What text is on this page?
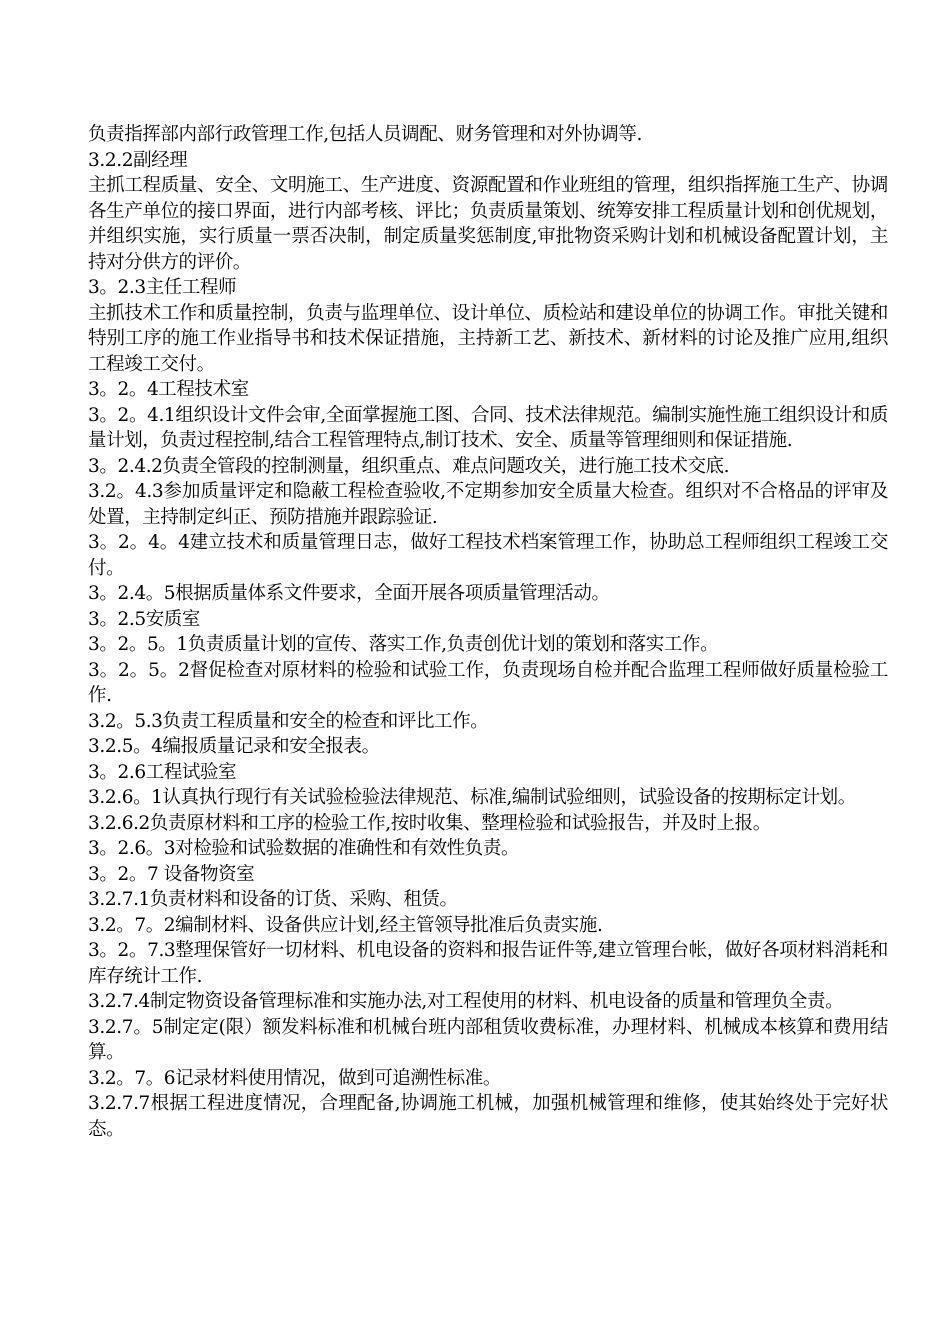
负责指挥部内部行政管理工作,包括人员调配、财务管理和对外协调等.

3.2.2副经理

主抓工程质量、安全、文明施工、生产进度、资源配置和作业班组的管理，组织指挥施工生产、协调各生产单位的接口界面，进行内部考核、评比；负责质量策划、统筹安排工程质量计划和创优规划，并组织实施，实行质量一票否决制，制定质量奖惩制度,审批物资采购计划和机械设备配置计划，主持对分供方的评价。

3。2.3主任工程师

主抓技术工作和质量控制，负责与监理单位、设计单位、质检站和建设单位的协调工作。审批关键和特别工序的施工作业指导书和技术保证措施，主持新工艺、新技术、新材料的讨论及推广应用,组织工程竣工交付。

3。2。4工程技术室

3。2。4.1组织设计文件会审,全面掌握施工图、合同、技术法律规范。编制实施性施工组织设计和质量计划，负责过程控制,结合工程管理特点,制订技术、安全、质量等管理细则和保证措施.

3。2.4.2负责全管段的控制测量，组织重点、难点问题攻关，进行施工技术交底.

3.2。4.3参加质量评定和隐蔽工程检查验收,不定期参加安全质量大检查。组织对不合格品的评审及处置，主持制定纠正、预防措施并跟踪验证.

3。2。4。4建立技术和质量管理日志，做好工程技术档案管理工作，协助总工程师组织工程竣工交付。

3。2.4。5根据质量体系文件要求，全面开展各项质量管理活动。

3。2.5安质室

3。2。5。1负责质量计划的宣传、落实工作,负责创优计划的策划和落实工作。

3。2。5。2督促检查对原材料的检验和试验工作，负责现场自检并配合监理工程师做好质量检验工作.

3.2。5.3负责工程质量和安全的检查和评比工作。

3.2.5。4编报质量记录和安全报表。

3。2.6工程试验室

3.2.6。1认真执行现行有关试验检验法律规范、标准,编制试验细则，试验设备的按期标定计划。

3.2.6.2负责原材料和工序的检验工作,按时收集、整理检验和试验报告，并及时上报。

3。2.6。3对检验和试验数据的准确性和有效性负责。

3。2。7 设备物资室

3.2.7.1负责材料和设备的订货、采购、租赁。

3.2。7。2编制材料、设备供应计划,经主管领导批准后负责实施.

3。2。7.3整理保管好一切材料、机电设备的资料和报告证件等,建立管理台帐，做好各项材料消耗和库存统计工作.

3.2.7.4制定物资设备管理标准和实施办法,对工程使用的材料、机电设备的质量和管理负全责。

3.2.7。5制定定(限）额发料标准和机械台班内部租赁收费标准，办理材料、机械成本核算和费用结算。

3.2。7。6记录材料使用情况，做到可追溯性标准。

3.2.7.7根据工程进度情况，合理配备,协调施工机械，加强机械管理和维修，使其始终处于完好状态。
